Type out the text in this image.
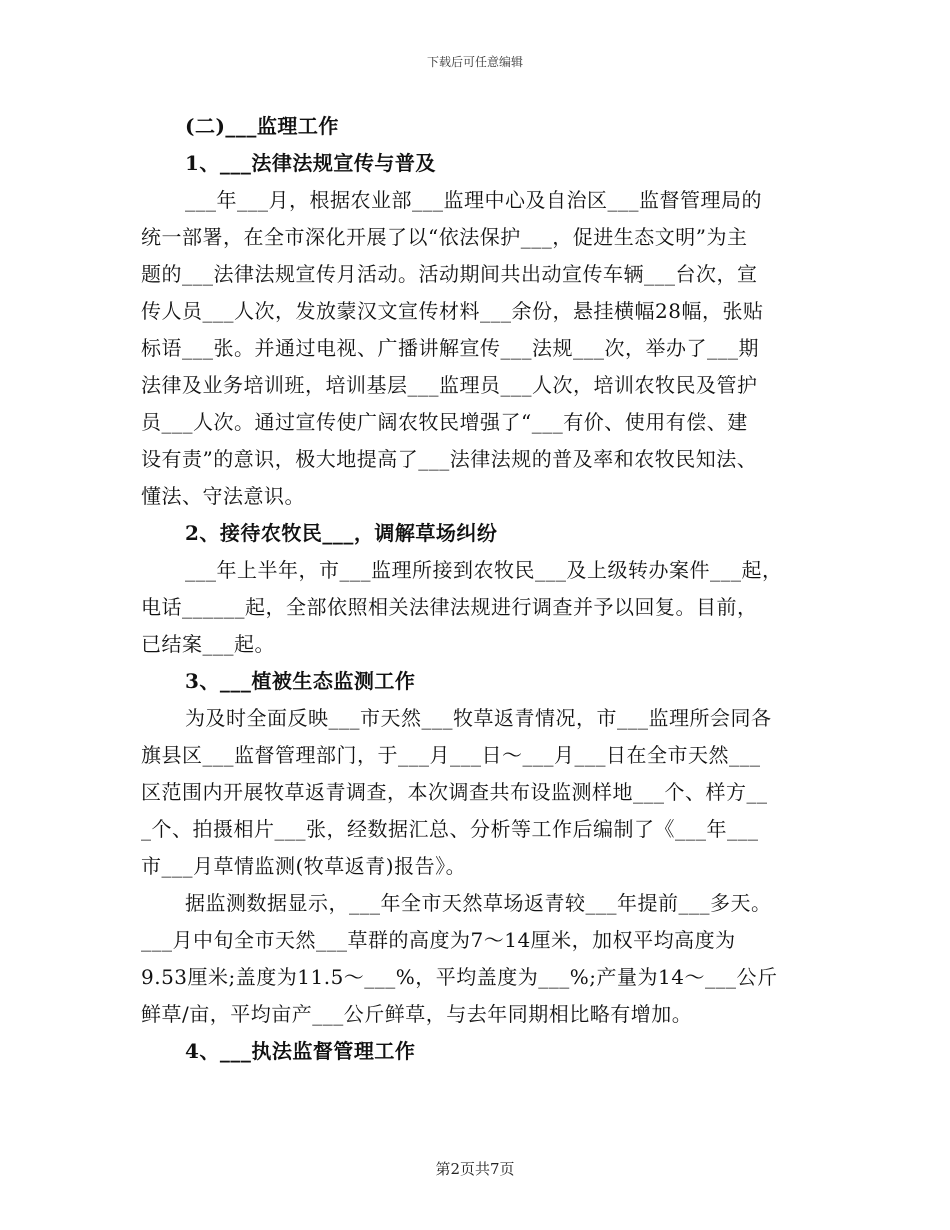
下载后可任意编辑
(二)___监理工作
1、___法律法规宣传与普及
___年___月，根据农业部___监理中心及自治区___监督管理局的
统一部署，在全市深化开展了以“依法保护___，促进生态文明”为主
题的___法律法规宣传月活动。活动期间共出动宣传车辆___台次，宣
传人员___人次，发放蒙汉文宣传材料___余份，悬挂横幅28幅，张贴
标语___张。并通过电视、广播讲解宣传___法规___次，举办了___期
法律及业务培训班，培训基层___监理员___人次，培训农牧民及管护
员___人次。通过宣传使广阔农牧民增强了“___有价、使用有偿、建
设有责”的意识，极大地提高了___法律法规的普及率和农牧民知法、
懂法、守法意识。
2、接待农牧民___，调解草场纠纷
___年上半年，市___监理所接到农牧民___及上级转办案件___起，
电话______起，全部依照相关法律法规进行调查并予以回复。目前，
已结案___起。
3、___植被生态监测工作
为及时全面反映___市天然___牧草返青情况，市___监理所会同各
旗县区___监督管理部门，于___月___日～___月___日在全市天然___
区范围内开展牧草返青调查，本次调查共布设监测样地___个、样方__
_个、拍摄相片___张，经数据汇总、分析等工作后编制了《___年___
市___月草情监测(牧草返青)报告》。
据监测数据显示，___年全市天然草场返青较___年提前___多天。
___月中旬全市天然___草群的高度为7～14厘米，加权平均高度为
9.53厘米;盖度为11.5～___%，平均盖度为___%;产量为14～___公斤
鲜草/亩，平均亩产___公斤鲜草，与去年同期相比略有增加。
4、___执法监督管理工作
第2页共7页
